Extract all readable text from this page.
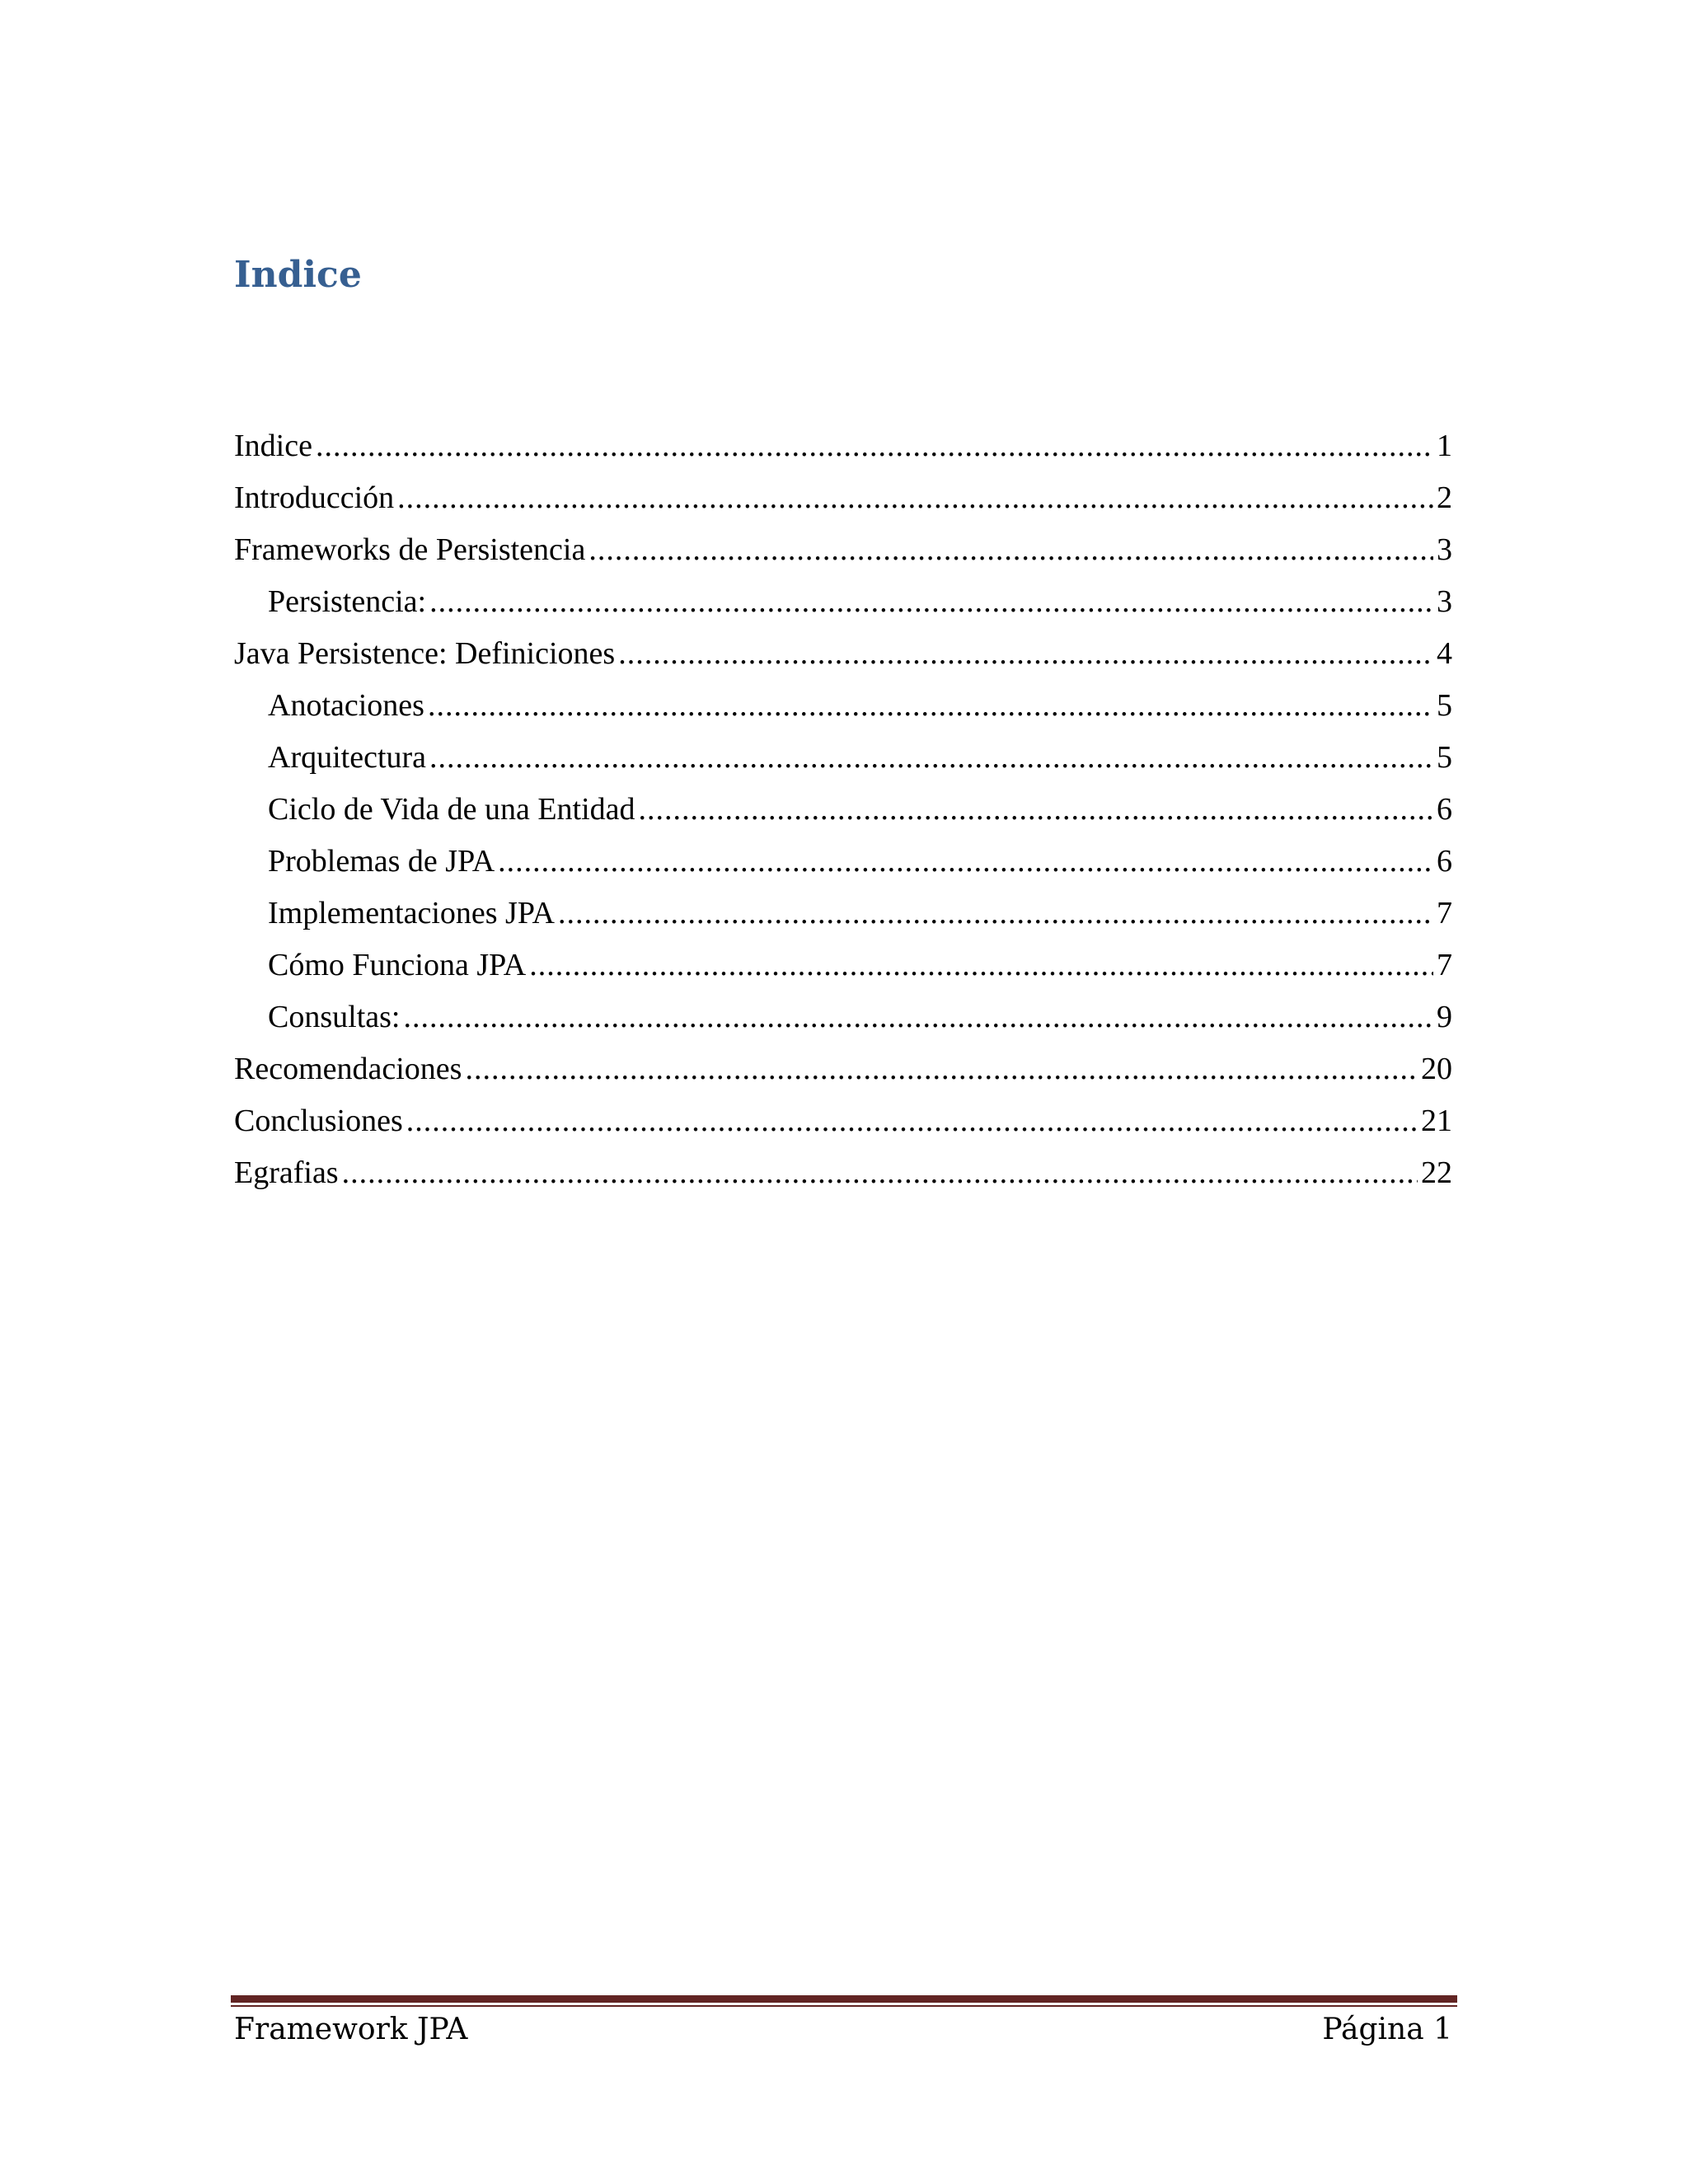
Indice
Indice .....	1
Introducción .....	2
Frameworks de Persistencia .....	3
Persistencia: .....	3
Java Persistence: Definiciones .....	4
Anotaciones .....	5
Arquitectura .....	5
Ciclo de Vida de una Entidad .....	6
Problemas de JPA .....	6
Implementaciones JPA .....	7
Cómo Funciona JPA .....	7
Consultas: .....	9
Recomendaciones .....	20
Conclusiones .....	21
Egrafias .....	22
Framework JPA	Página 1
